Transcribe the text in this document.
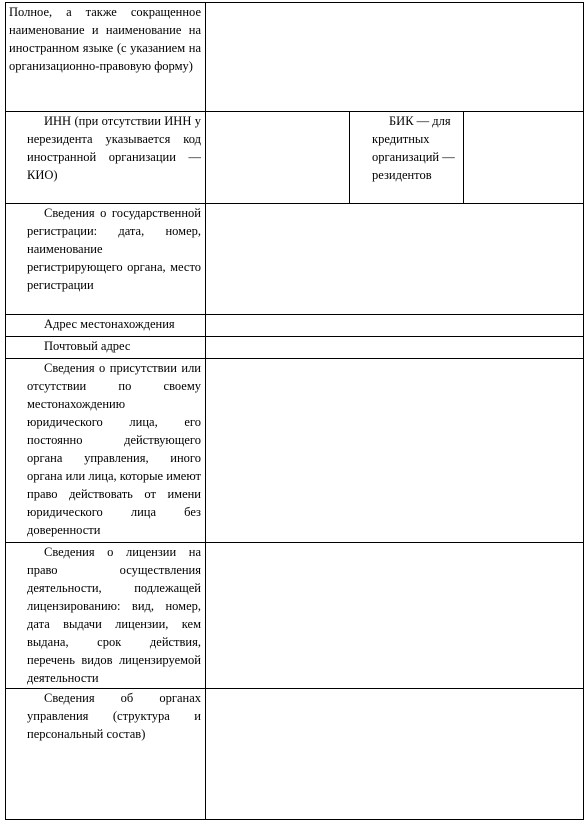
Полное, а также сокращенное наименование и наименование на иностранном языке (с указанием на организационно-правовую форму)

ИНН (при отсутствии ИНН у нерезидента указывается код иностранной организации — КИО)

БИК — для кредитных организаций — резидентов

Сведения о государственной регистрации: дата, номер, наименование регистрирующего органа, место регистрации

Адрес местонахождения

Почтовый адрес

Сведения о присутствии или отсутствии по своему местонахождению юридического лица, его постоянно действующего органа управления, иного органа или лица, которые имеют право действовать от имени юридического лица без доверенности

Сведения о лицензии на право осуществления деятельности, подлежащей лицензированию: вид, номер, дата выдачи лицензии, кем выдана, срок действия, перечень видов лицензируемой деятельности

Сведения об органах управления (структура и персональный состав)
